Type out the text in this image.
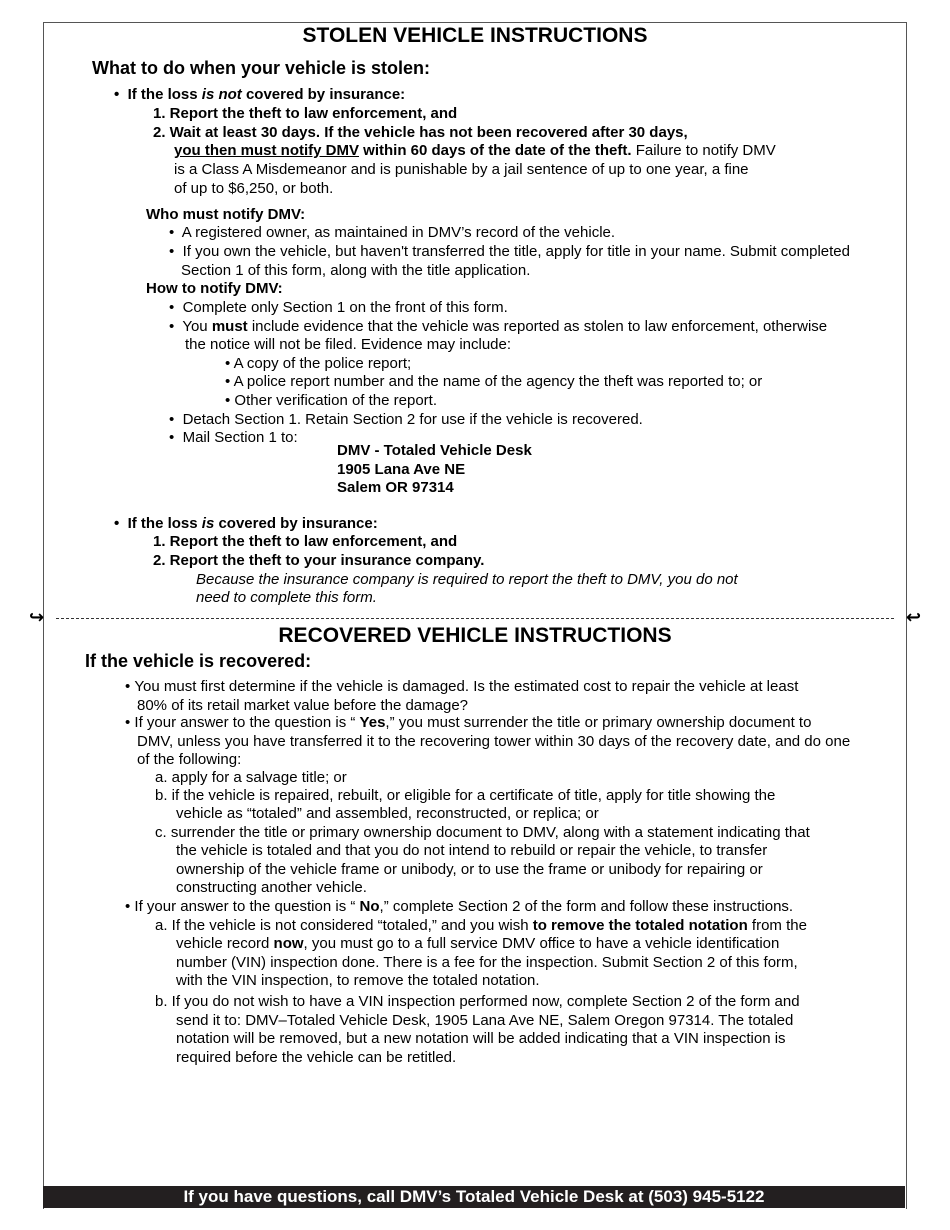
STOLEN VEHICLE INSTRUCTIONS
What to do when your vehicle is stolen:
•  If the loss is not covered by insurance:
1. Report the theft to law enforcement, and
2. Wait at least 30 days. If the vehicle has not been recovered after 30 days,
you then must notify DMV within 60 days of the date of the theft. Failure to notify DMV
is a Class A Misdemeanor and is punishable by a jail sentence of up to one year, a fine
of up to $6,250, or both.
Who must notify DMV:
•  A registered owner, as maintained in DMV’s record of the vehicle.
•  If you own the vehicle, but haven't transferred the title, apply for title in your name. Submit completed
Section 1 of this form, along with the title application.
How to notify DMV:
•  Complete only Section 1 on the front of this form.
•  You must include evidence that the vehicle was reported as stolen to law enforcement, otherwise
the notice will not be filed. Evidence may include:
• A copy of the police report;
• A police report number and the name of the agency the theft was reported to; or
• Other verification of the report.
•  Detach Section 1. Retain Section 2 for use if the vehicle is recovered.
•  Mail Section 1 to:
DMV - Totaled Vehicle Desk
1905 Lana Ave NE
Salem OR 97314
•  If the loss is covered by insurance:
1. Report the theft to law enforcement, and
2. Report the theft to your insurance company.
Because the insurance company is required to report the theft to DMV, you do not
need to complete this form.
↪	↩
RECOVERED VEHICLE INSTRUCTIONS
If the vehicle is recovered:
• You must first determine if the vehicle is damaged. Is the estimated cost to repair the vehicle at least
80% of its retail market value before the damage?
• If your answer to the question is “ Yes,” you must surrender the title or primary ownership document to
DMV, unless you have transferred it to the recovering tower within 30 days of the recovery date, and do one
of the following:
a. apply for a salvage title; or
b. if the vehicle is repaired, rebuilt, or eligible for a certificate of title, apply for title showing the
vehicle as “totaled” and assembled, reconstructed, or replica; or
c. surrender the title or primary ownership document to DMV, along with a statement indicating that
the vehicle is totaled and that you do not intend to rebuild or repair the vehicle, to transfer
ownership of the vehicle frame or unibody, or to use the frame or unibody for repairing or
constructing another vehicle.
• If your answer to the question is “ No,” complete Section 2 of the form and follow these instructions.
a. If the vehicle is not considered “totaled,” and you wish to remove the totaled notation from the
vehicle record now, you must go to a full service DMV office to have a vehicle identification
number (VIN) inspection done. There is a fee for the inspection. Submit Section 2 of this form,
with the VIN inspection, to remove the totaled notation.
b. If you do not wish to have a VIN inspection performed now, complete Section 2 of the form and
send it to: DMV–Totaled Vehicle Desk, 1905 Lana Ave NE, Salem Oregon 97314. The totaled
notation will be removed, but a new notation will be added indicating that a VIN inspection is
required before the vehicle can be retitled.
If you have questions, call DMV’s Totaled Vehicle Desk at (503) 945-5122
